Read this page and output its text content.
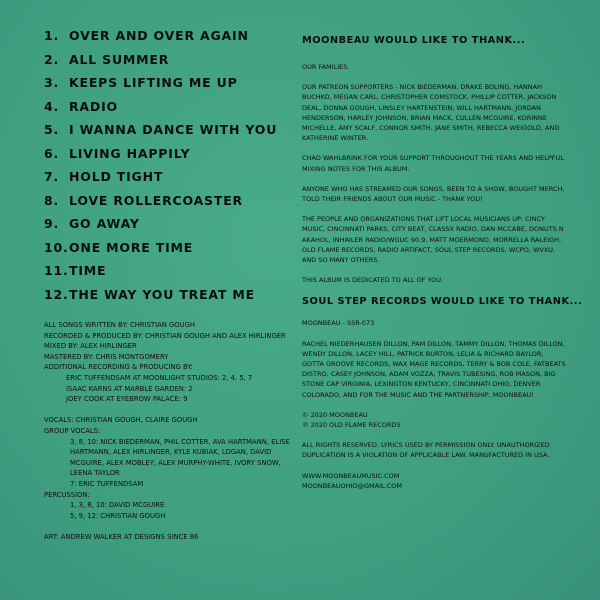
1. OVER AND OVER AGAIN
2. ALL SUMMER
3. KEEPS LIFTING ME UP
4. RADIO
5. I WANNA DANCE WITH YOU
6. LIVING HAPPILY
7. HOLD TIGHT
8. LOVE ROLLERCOASTER
9. GO AWAY
10. ONE MORE TIME
11. TIME
12. THE WAY YOU TREAT ME
ALL SONGS WRITTEN BY: CHRISTIAN GOUGH
RECORDED & PRODUCED BY: CHRISTIAN GOUGH AND ALEX HIRLINGER
MIXED BY: ALEX HIRLINGER
MASTERED BY: CHRIS MONTGOMERY
ADDITIONAL RECORDING & PRODUCING BY:
ERIC TUFFENDSAM AT MOONLIGHT STUDIOS: 2, 4, 5, 7
ISAAC KARNS AT MARBLE GARDEN: 2
JOEY COOK AT EYEBROW PALACE: 9
VOCALS: CHRISTIAN GOUGH, CLAIRE GOUGH
GROUP VOCALS:
3, 8, 10: NICK BIEDERMAN, PHIL COTTER, AVA HARTMANN, ELISE
HARTMANN, ALEX HIRLINGER, KYLE KUBIAK, LOGAN, DAVID
MCGUIRE, ALEX MOBLEY, ALEX MURPHY-WHITE, IVORY SNOW,
LEENA TAYLOR
7: ERIC TUFFENDSAM
PERCUSSION:
1, 3, 8, 10: DAVID MCGUIRE
5, 9, 12: CHRISTIAN GOUGH
ART: ANDREW WALKER AT DESIGNS SINCE 86
MOONBEAU WOULD LIKE TO THANK...
OUR FAMILIES.
OUR PATREON SUPPORTERS - NICK BIEDERMAN, DRAKE BOLING, HANNAH BUCHKO, MEGAN CARL, CHRISTOPHER COMSTOCK, PHILLIP COTTER, JACKSON DEAL, DONNA GOUGH, LINSLEY HARTENSTEIN, WILL HARTMANN, JORDAN HENDERSON, HARLEY JOHNSON, BRIAN MACK, CULLEN MCGUIRE, KORINNE MICHELLE, AMY SCALF, CONNOR SMITH, JANE SMITH, REBECCA WEIGOLD, AND KATHERINE WINTER.
CHAD WAHLBRINK FOR YOUR SUPPORT THROUGHOUT THE YEARS AND HELPFUL MIXING NOTES FOR THIS ALBUM.
ANYONE WHO HAS STREAMED OUR SONGS, BEEN TO A SHOW, BOUGHT MERCH, TOLD THEIR FRIENDS ABOUT OUR MUSIC - THANK YOU!
THE PEOPLE AND ORGANIZATIONS THAT LIFT LOCAL MUSICIANS UP: CINCY MUSIC, CINCINNATI PARKS, CITY BEAT, CLASSX RADIO, DAN MCCABE, DONUTS N AKAHOL, INHAILER RADIO/WGUC 90.9, MATT MOERMOND, MORRELLA RALEIGH, OLD FLAME RECORDS, RADIO ARTIFACT, SOUL STEP RECORDS, WCPO, WVXU, AND SO MANY OTHERS.
THIS ALBUM IS DEDICATED TO ALL OF YOU.
SOUL STEP RECORDS WOULD LIKE TO THANK...
MOONBEAU - SSR-073
RACHEL NIEDERHAUSEN DILLON, PAM DILLON, TAMMY DILLON, THOMAS DILLON, WENDY DILLON, LACEY HILL, PATRICK BURTON, LELIA & RICHARD BAYLOR, GOTTA GROOVE RECORDS, WAX MAGE RECORDS, TERRY & BOB COLE, FATBEATS DISTRO, CASEY JOHNSON, ADAM VOZZA, TRAVIS TUBESING, ROB MASON, BIG STONE CAP VIRGINIA, LEXINGTON KENTUCKY, CINCINNATI OHIO, DENVER COLORADO, AND FOR THE MUSIC AND THE PARTNERSHIP, MOONBEAU!
© 2020 MOONBEAU
℗ 2020 OLD FLAME RECORDS
ALL RIGHTS RESERVED. LYRICS USED BY PERMISSION ONLY. UNAUTHORIZED DUPLICATION IS A VIOLATION OF APPLICABLE LAW. MANUFACTURED IN USA.
WWW.MOONBEAUMUSIC.COM
MOONBEAUOHIO@GMAIL.COM
